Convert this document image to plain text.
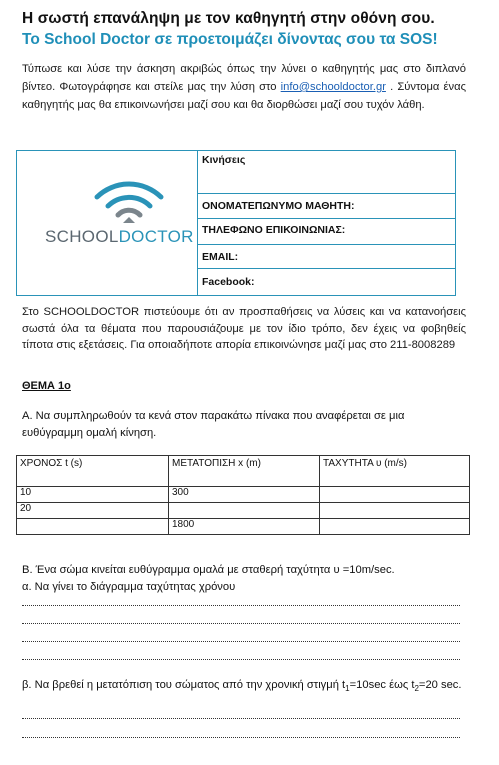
Η σωστή επανάληψη με τον καθηγητή στην οθόνη σου.
Το School Doctor σε προετοιμάζει δίνοντας σου τα SOS!
Τύπωσε και λύσε την άσκηση ακριβώς όπως την λύνει ο καθηγητής μας στο διπλανό βίντεο. Φωτογράφησε και στείλε μας την λύση στο info@schooldoctor.gr . Σύντομα ένας καθηγητής μας θα επικοινωνήσει μαζί σου και θα διορθώσει μαζί σου τυχόν λάθη.
SCHOOLDOCTOR
Κινήσεις
ΟΝΟΜΑΤΕΠΩΝΥΜΟ ΜΑΘΗΤΗ:
ΤΗΛΕΦΩΝΟ ΕΠΙΚΟΙΝΩΝΙΑΣ:
EMAIL:
Facebook:
Στο SCHOOLDOCTOR πιστεύουμε ότι αν προσπαθήσεις να λύσεις και να κατανοήσεις σωστά όλα τα θέματα που παρουσιάζουμε με τον ίδιο τρόπο, δεν έχεις να φοβηθείς τίποτα στις εξετάσεις. Για οποιαδήποτε απορία επικοινώνησε μαζί μας στο 211-8008289
ΘΕΜΑ 1ο
Α. Να συμπληρωθούν τα κενά στον παρακάτω πίνακα που αναφέρεται σε μια ευθύγραμμη ομαλή κίνηση.
ΧΡΟΝΟΣ t (s)	ΜΕΤΑΤΟΠΙΣΗ x (m)	ΤΑΧΥΤΗΤΑ υ (m/s)
10	300	
20		
	1800	
Β. Ένα σώμα κινείται ευθύγραμμα ομαλά με σταθερή ταχύτητα υ =10m/sec.
α. Να γίνει το διάγραμμα ταχύτητας χρόνου
β. Να βρεθεί η μετατόπιση του σώματος από την χρονική στιγμή $t_1=10\sec$ έως $t_2=20$ sec.
